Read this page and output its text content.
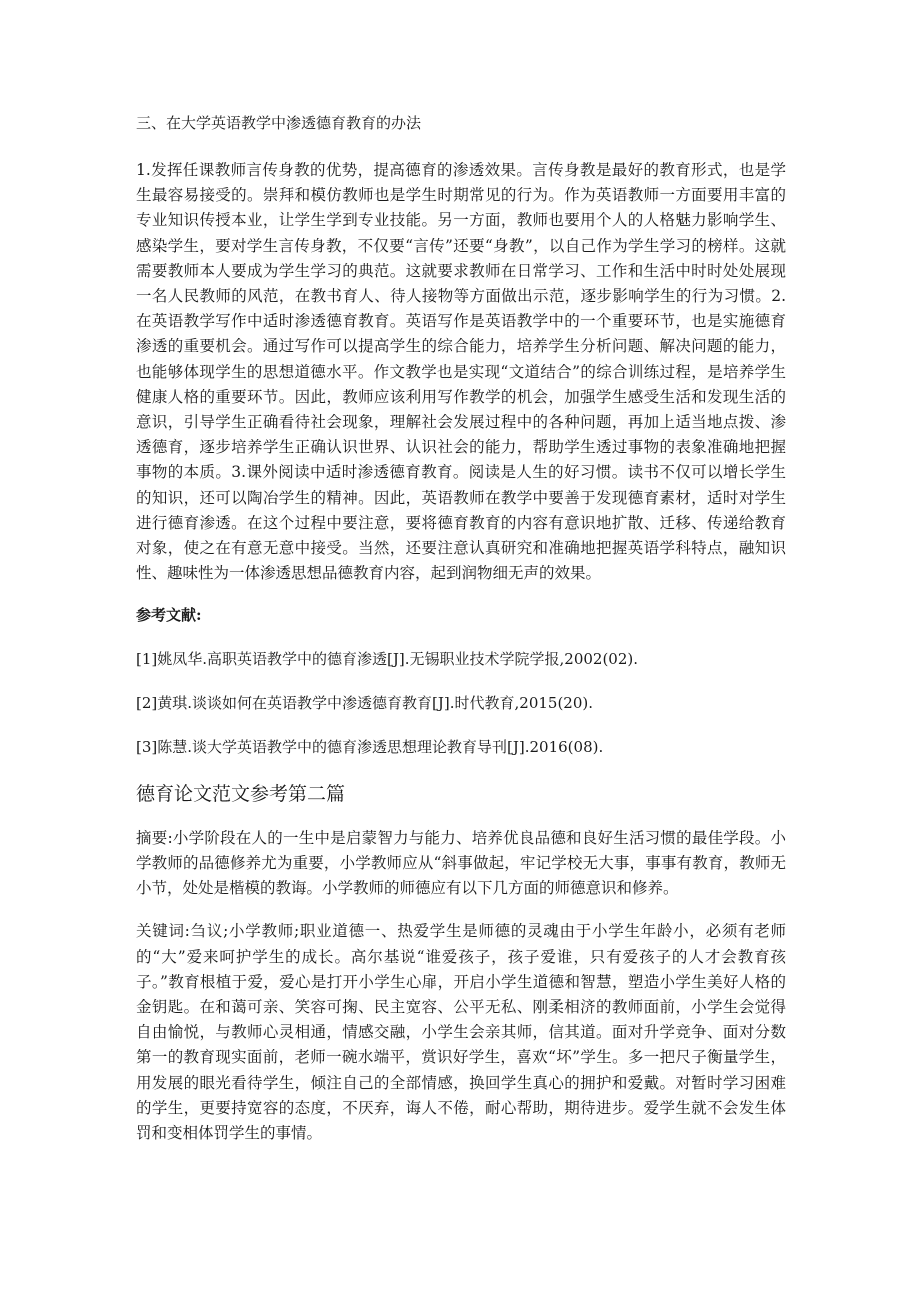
三、在大学英语教学中渗透德育教育的办法

1.发挥任课教师言传身教的优势，提高德育的渗透效果。言传身教是最好的教育形式，也是学生最容易接受的。崇拜和模仿教师也是学生时期常见的行为。作为英语教师一方面要用丰富的专业知识传授本业，让学生学到专业技能。另一方面，教师也要用个人的人格魅力影响学生、感染学生，要对学生言传身教，不仅要“言传”还要“身教”，以自己作为学生学习的榜样。这就需要教师本人要成为学生学习的典范。这就要求教师在日常学习、工作和生活中时时处处展现一名人民教师的风范，在教书育人、待人接物等方面做出示范，逐步影响学生的行为习惯。2.在英语教学写作中适时渗透德育教育。英语写作是英语教学中的一个重要环节，也是实施德育渗透的重要机会。通过写作可以提高学生的综合能力，培养学生分析问题、解决问题的能力，也能够体现学生的思想道德水平。作文教学也是实现“文道结合”的综合训练过程，是培养学生健康人格的重要环节。因此，教师应该利用写作教学的机会，加强学生感受生活和发现生活的意识，引导学生正确看待社会现象，理解社会发展过程中的各种问题，再加上适当地点拨、渗透德育，逐步培养学生正确认识世界、认识社会的能力，帮助学生透过事物的表象准确地把握事物的本质。3.课外阅读中适时渗透德育教育。阅读是人生的好习惯。读书不仅可以增长学生的知识，还可以陶冶学生的精神。因此，英语教师在教学中要善于发现德育素材，适时对学生进行德育渗透。在这个过程中要注意，要将德育教育的内容有意识地扩散、迁移、传递给教育对象，使之在有意无意中接受。当然，还要注意认真研究和准确地把握英语学科特点，融知识性、趣味性为一体渗透思想品德教育内容，起到润物细无声的效果。

参考文献:
[1]姚凤华.高职英语教学中的德育渗透[J].无锡职业技术学院学报,2002(02).
[2]黄琪.谈谈如何在英语教学中渗透德育教育[J].时代教育,2015(20).
[3]陈慧.谈大学英语教学中的德育渗透思想理论教育导刊[J].2016(08).
德育论文范文参考第二篇

摘要:小学阶段在人的一生中是启蒙智力与能力、培养优良品德和良好生活习惯的最佳学段。小学教师的品德修养尤为重要，小学教师应从“斜事做起，牢记学校无大事，事事有教育，教师无小节，处处是楷模的教诲。小学教师的师德应有以下几方面的师德意识和修养。

关键词:刍议;小学教师;职业道德一、热爱学生是师德的灵魂由于小学生年龄小，必须有老师的“大”爱来呵护学生的成长。高尔基说“谁爱孩子，孩子爱谁，只有爱孩子的人才会教育孩子。”教育根植于爱，爱心是打开小学生心扉，开启小学生道德和智慧，塑造小学生美好人格的金钥匙。在和蔼可亲、笑容可掬、民主宽容、公平无私、刚柔相济的教师面前，小学生会觉得自由愉悦，与教师心灵相通，情感交融，小学生会亲其师，信其道。面对升学竞争、面对分数第一的教育现实面前，老师一碗水端平，赏识好学生，喜欢“坏”学生。多一把尺子衡量学生，用发展的眼光看待学生，倾注自己的全部情感，换回学生真心的拥护和爱戴。对暂时学习困难的学生，更要持宽容的态度，不厌弃，诲人不倦，耐心帮助，期待进步。爱学生就不会发生体罚和变相体罚学生的事情。
